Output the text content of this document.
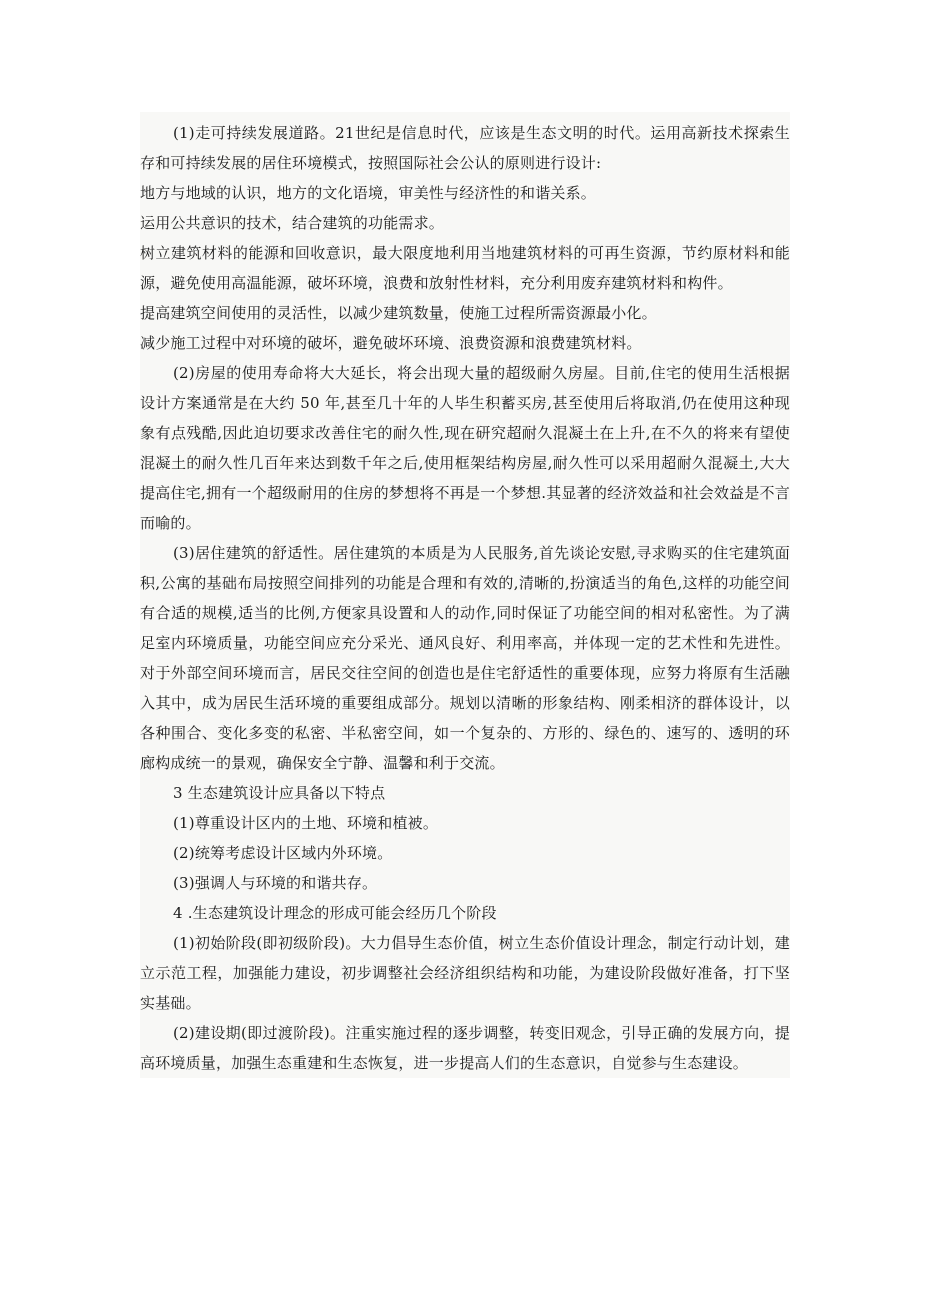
(1)走可持续发展道路。21世纪是信息时代，应该是生态文明的时代。运用高新技术探索生存和可持续发展的居住环境模式，按照国际社会公认的原则进行设计:

地方与地域的认识，地方的文化语境，审美性与经济性的和谐关系。

运用公共意识的技术，结合建筑的功能需求。

树立建筑材料的能源和回收意识，最大限度地利用当地建筑材料的可再生资源，节约原材料和能源，避免使用高温能源，破坏环境，浪费和放射性材料，充分利用废弃建筑材料和构件。

提高建筑空间使用的灵活性，以减少建筑数量，使施工过程所需资源最小化。

减少施工过程中对环境的破坏，避免破坏环境、浪费资源和浪费建筑材料。

(2)房屋的使用寿命将大大延长，将会出现大量的超级耐久房屋。目前,住宅的使用生活根据设计方案通常是在大约 50 年,甚至几十年的人毕生积蓄买房,甚至使用后将取消,仍在使用这种现象有点残酷,因此迫切要求改善住宅的耐久性,现在研究超耐久混凝土在上升,在不久的将来有望使混凝土的耐久性几百年来达到数千年之后,使用框架结构房屋,耐久性可以采用超耐久混凝土,大大提高住宅,拥有一个超级耐用的住房的梦想将不再是一个梦想.其显著的经济效益和社会效益是不言而喻的。

(3)居住建筑的舒适性。居住建筑的本质是为人民服务,首先谈论安慰,寻求购买的住宅建筑面积,公寓的基础布局按照空间排列的功能是合理和有效的,清晰的,扮演适当的角色,这样的功能空间有合适的规模,适当的比例,方便家具设置和人的动作,同时保证了功能空间的相对私密性。为了满足室内环境质量，功能空间应充分采光、通风良好、利用率高，并体现一定的艺术性和先进性。对于外部空间环境而言，居民交往空间的创造也是住宅舒适性的重要体现，应努力将原有生活融入其中，成为居民生活环境的重要组成部分。规划以清晰的形象结构、刚柔相济的群体设计，以各种围合、变化多变的私密、半私密空间，如一个复杂的、方形的、绿色的、速写的、透明的环廊构成统一的景观，确保安全宁静、温馨和利于交流。

3 生态建筑设计应具备以下特点

(1)尊重设计区内的土地、环境和植被。

(2)统筹考虑设计区域内外环境。

(3)强调人与环境的和谐共存。

4 .生态建筑设计理念的形成可能会经历几个阶段

(1)初始阶段(即初级阶段)。大力倡导生态价值，树立生态价值设计理念，制定行动计划，建立示范工程，加强能力建设，初步调整社会经济组织结构和功能，为建设阶段做好准备，打下坚实基础。

(2)建设期(即过渡阶段)。注重实施过程的逐步调整，转变旧观念，引导正确的发展方向，提高环境质量，加强生态重建和生态恢复，进一步提高人们的生态意识，自觉参与生态建设。
